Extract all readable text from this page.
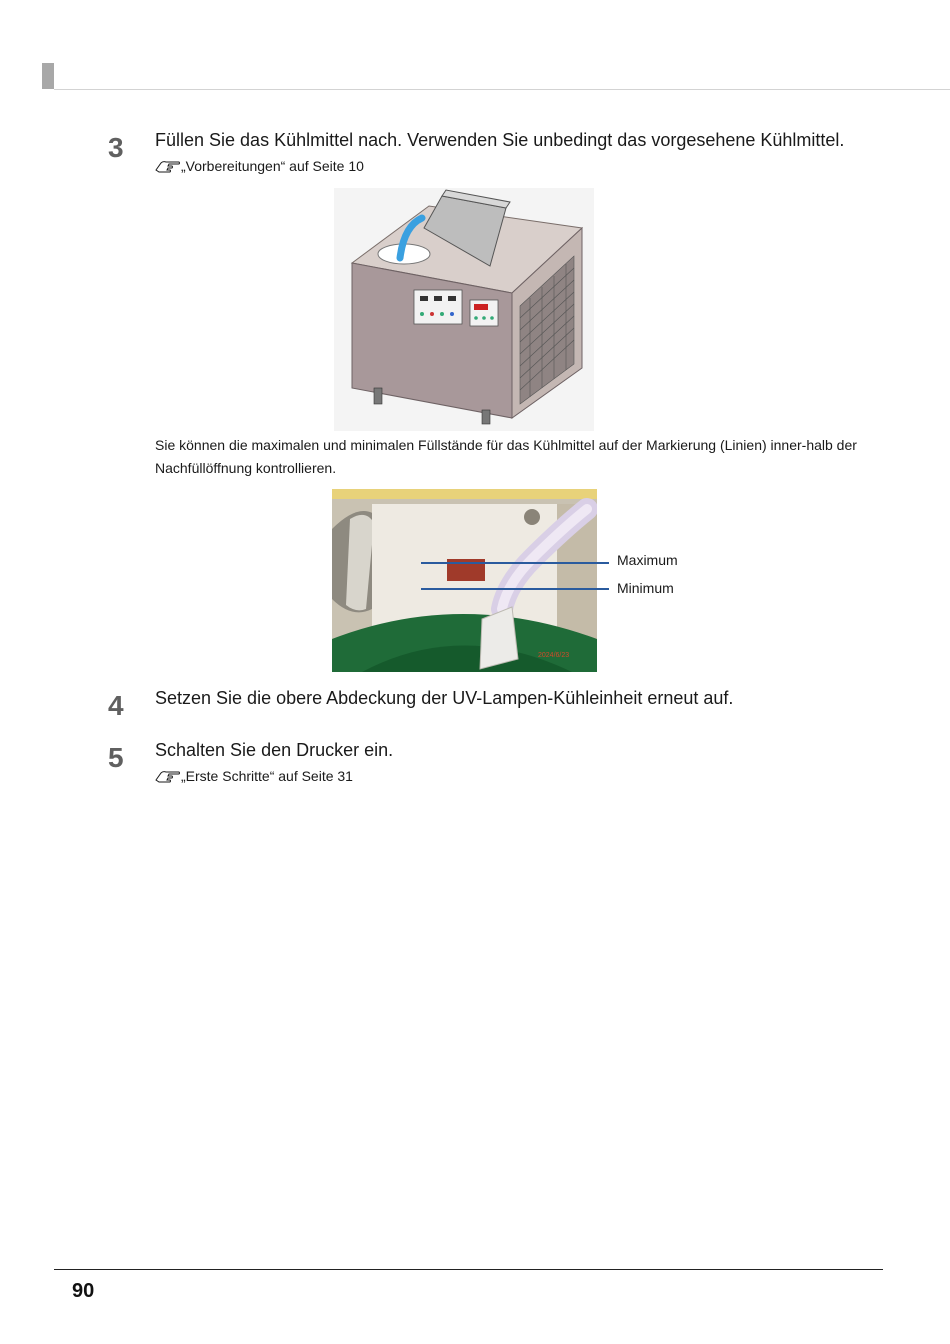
3 Füllen Sie das Kühlmittel nach. Verwenden Sie unbedingt das vorgesehene Kühlmittel.
„Vorbereitungen“ auf Seite 10
Sie können die maximalen und minimalen Füllstände für das Kühlmittel auf der Markierung (Linien) inner-halb der Nachfüllöffnung kontrollieren.
2024/6/23
Maximum
Minimum
4 Setzen Sie die obere Abdeckung der UV-Lampen-Kühleinheit erneut auf.
5 Schalten Sie den Drucker ein.
„Erste Schritte“ auf Seite 31
90
